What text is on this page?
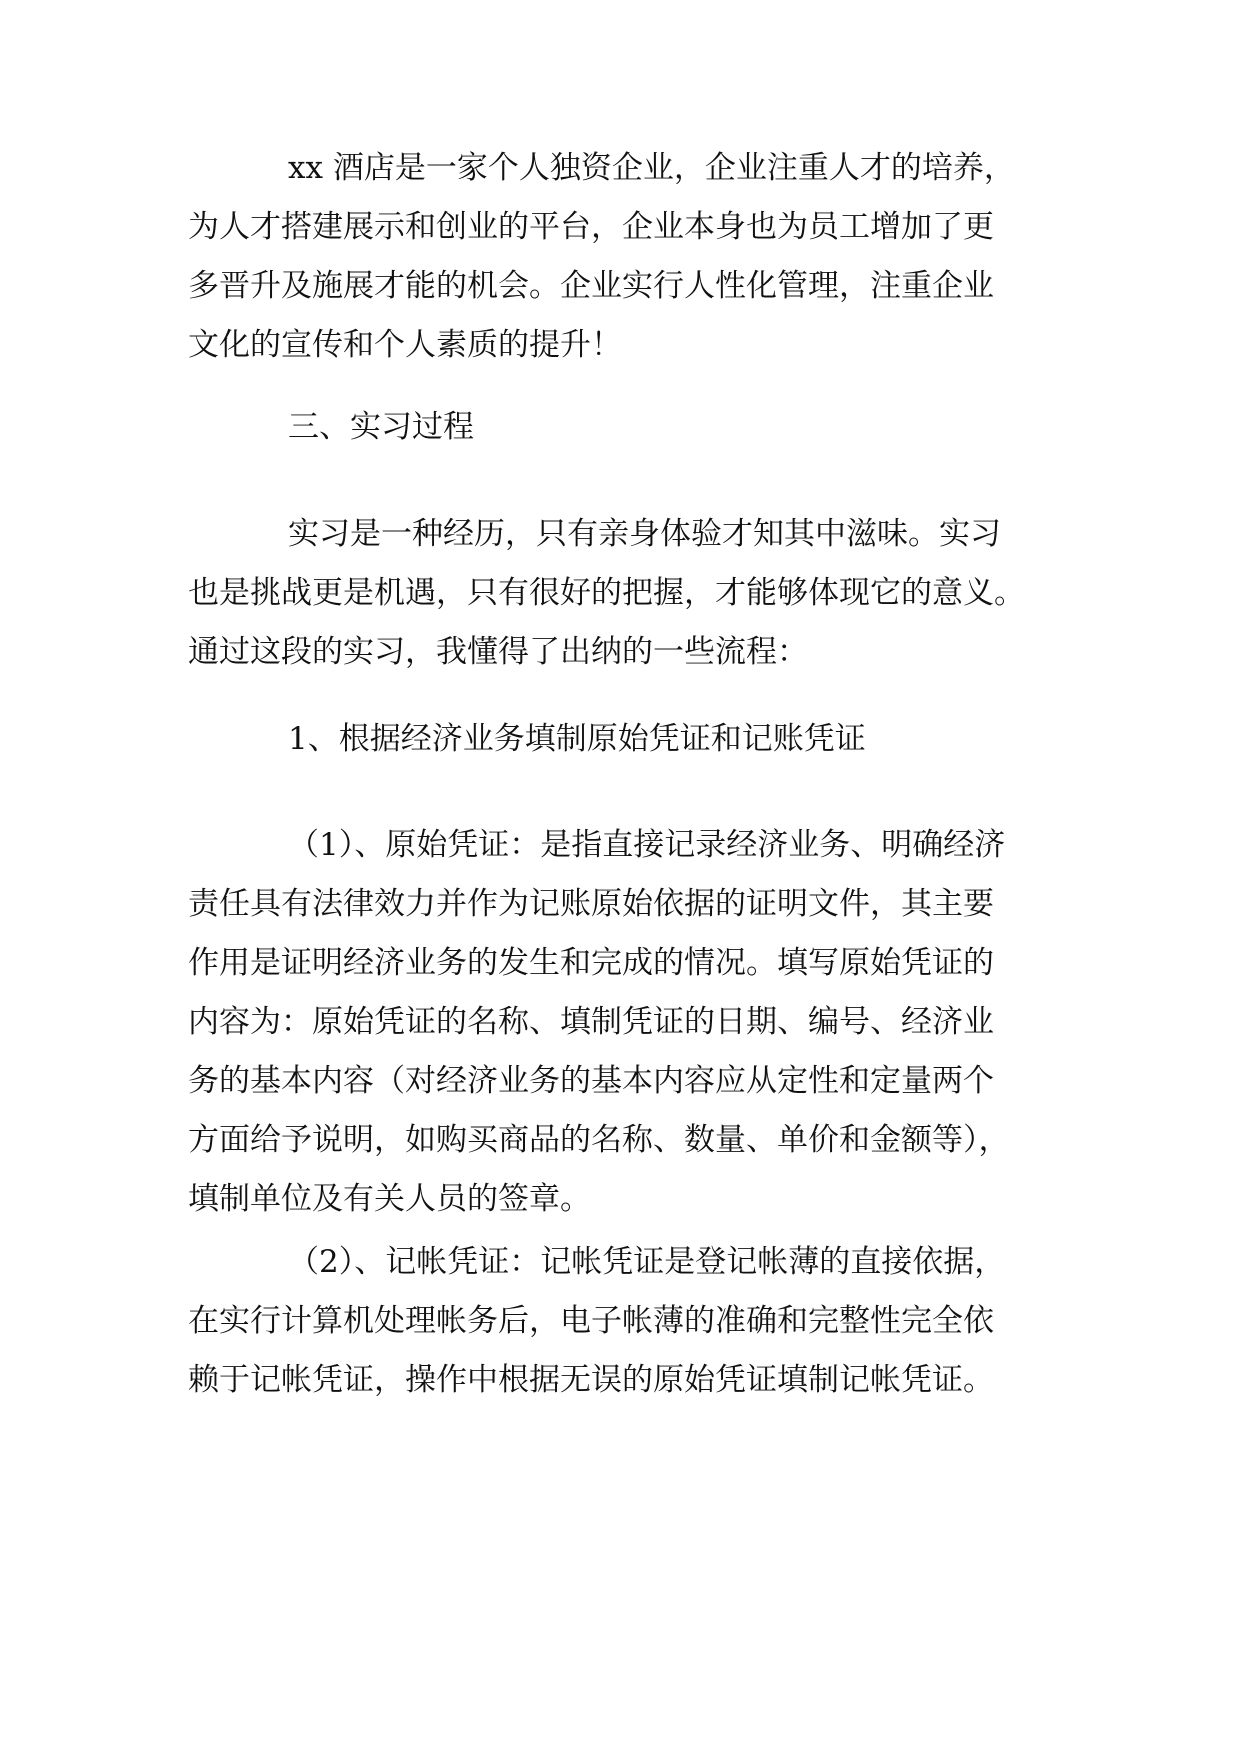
xx 酒店是一家个人独资企业，企业注重人才的培养，
为人才搭建展示和创业的平台，企业本身也为员工增加了更
多晋升及施展才能的机会。企业实行人性化管理，注重企业
文化的宣传和个人素质的提升！
三、实习过程
实习是一种经历，只有亲身体验才知其中滋味。实习
也是挑战更是机遇，只有很好的把握，才能够体现它的意义。
通过这段的实习，我懂得了出纳的一些流程：
1、根据经济业务填制原始凭证和记账凭证
（1）、原始凭证：是指直接记录经济业务、明确经济
责任具有法律效力并作为记账原始依据的证明文件，其主要
作用是证明经济业务的发生和完成的情况。填写原始凭证的
内容为：原始凭证的名称、填制凭证的日期、编号、经济业
务的基本内容（对经济业务的基本内容应从定性和定量两个
方面给予说明，如购买商品的名称、数量、单价和金额等），
填制单位及有关人员的签章。
（2）、记帐凭证：记帐凭证是登记帐薄的直接依据，
在实行计算机处理帐务后，电子帐薄的准确和完整性完全依
赖于记帐凭证，操作中根据无误的原始凭证填制记帐凭证。
